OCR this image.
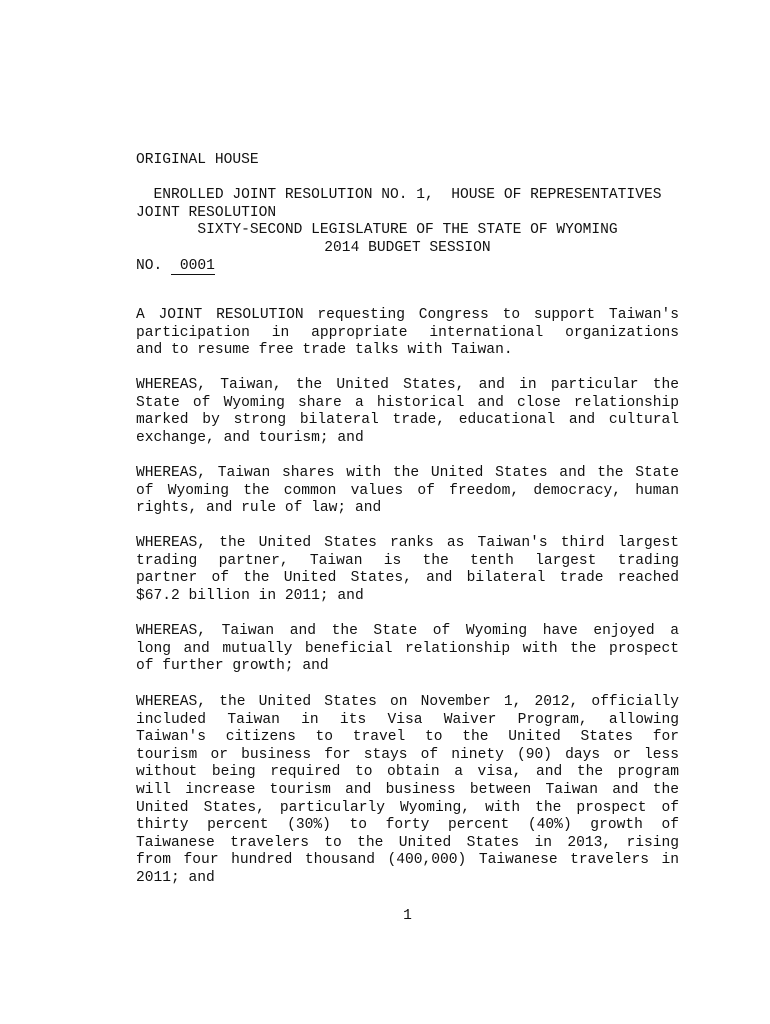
ORIGINAL HOUSE

JOINT RESOLUTION

NO. 0001

ENROLLED JOINT RESOLUTION NO. 1,  HOUSE OF REPRESENTATIVES
SIXTY-SECOND LEGISLATURE OF THE STATE OF WYOMING
2014 BUDGET SESSION
A JOINT RESOLUTION requesting Congress to support Taiwan's
participation in appropriate international organizations
and to resume free trade talks with Taiwan.
WHEREAS, Taiwan, the United States, and in particular the
State of Wyoming share a historical and close relationship
marked by strong bilateral trade, educational and cultural
exchange, and tourism; and
WHEREAS, Taiwan shares with the United States and the State
of Wyoming the common values of freedom, democracy, human
rights, and rule of law; and
WHEREAS, the United States ranks as Taiwan's third largest
trading partner, Taiwan is the tenth largest trading
partner of the United States, and bilateral trade reached
$67.2 billion in 2011; and
WHEREAS, Taiwan and the State of Wyoming have enjoyed a
long and mutually beneficial relationship with the prospect
of further growth; and
WHEREAS, the United States on November 1, 2012, officially
included Taiwan in its Visa Waiver Program, allowing
Taiwan's citizens to travel to the United States for
tourism or business for stays of ninety (90) days or less
without being required to obtain a visa, and the program
will increase tourism and business between Taiwan and the
United States, particularly Wyoming, with the prospect of
thirty percent (30%) to forty percent (40%) growth of
Taiwanese travelers to the United States in 2013, rising
from four hundred thousand (400,000) Taiwanese travelers in
2011; and
1
